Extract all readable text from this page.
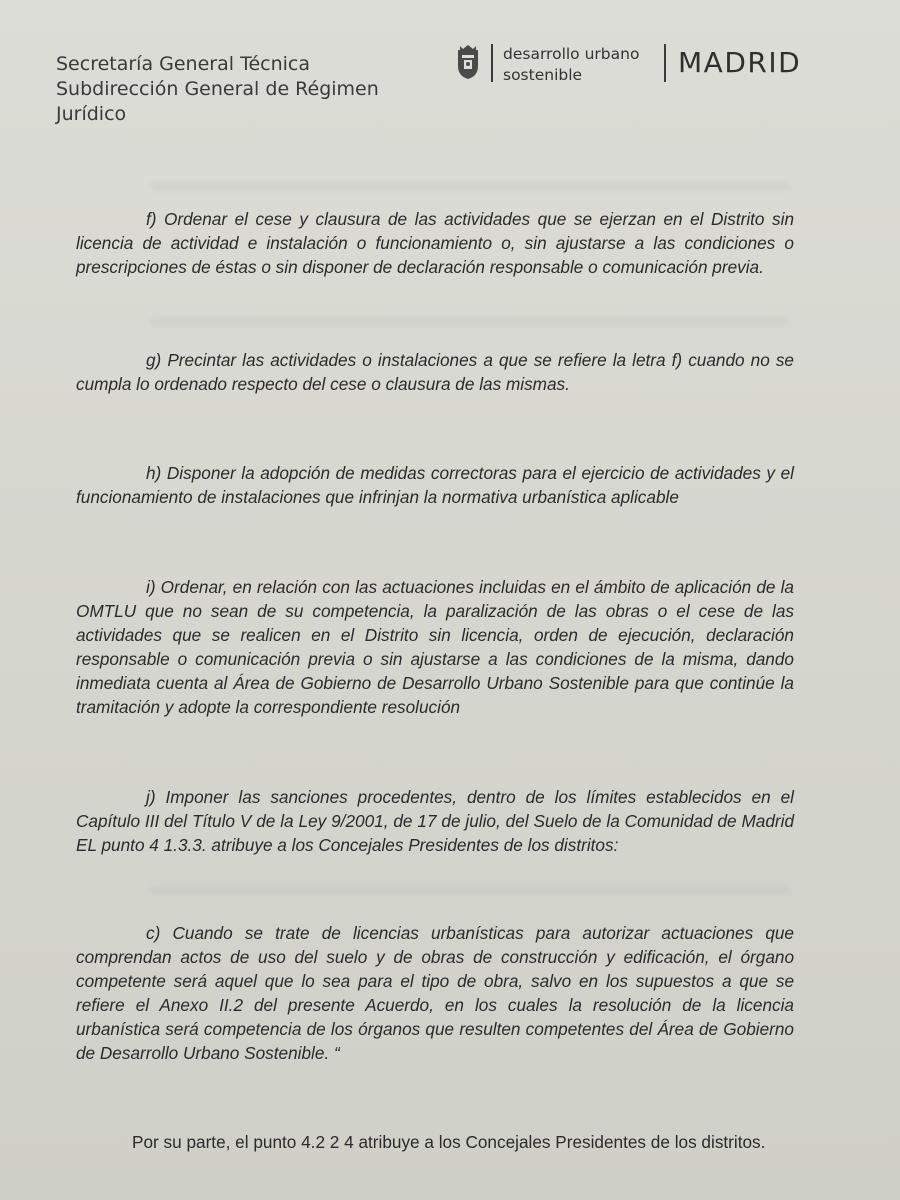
Secretaría General Técnica
Subdirección General de Régimen
Jurídico
desarrollo urbano
sostenible	MADRID
f) Ordenar el cese y clausura de las actividades que se ejerzan en el Distrito sin licencia de actividad e instalación o funcionamiento o, sin ajustarse a las condiciones o prescripciones de éstas o sin disponer de declaración responsable o comunicación previa.
g) Precintar las actividades o instalaciones a que se refiere la letra f) cuando no se cumpla lo ordenado respecto del cese o clausura de las mismas.
h) Disponer la adopción de medidas correctoras para el ejercicio de actividades y el funcionamiento de instalaciones que infrinjan la normativa urbanística aplicable
i) Ordenar, en relación con las actuaciones incluidas en el ámbito de aplicación de la OMTLU que no sean de su competencia, la paralización de las obras o el cese de las actividades que se realicen en el Distrito sin licencia, orden de ejecución, declaración responsable o comunicación previa o sin ajustarse a las condiciones de la misma, dando inmediata cuenta al Área de Gobierno de Desarrollo Urbano Sostenible para que continúe la tramitación y adopte la correspondiente resolución
j) Imponer las sanciones procedentes, dentro de los límites establecidos en el Capítulo III del Título V de la Ley 9/2001, de 17 de julio, del Suelo de la Comunidad de Madrid EL punto 4 1.3.3. atribuye a los Concejales Presidentes de los distritos:
c) Cuando se trate de licencias urbanísticas para autorizar actuaciones que comprendan actos de uso del suelo y de obras de construcción y edificación, el órgano competente será aquel que lo sea para el tipo de obra, salvo en los supuestos a que se refiere el Anexo II.2 del presente Acuerdo, en los cuales la resolución de la licencia urbanística será competencia de los órganos que resulten competentes del Área de Gobierno de Desarrollo Urbano Sostenible. “
Por su parte, el punto 4.2 2 4 atribuye a los Concejales Presidentes de los distritos.
